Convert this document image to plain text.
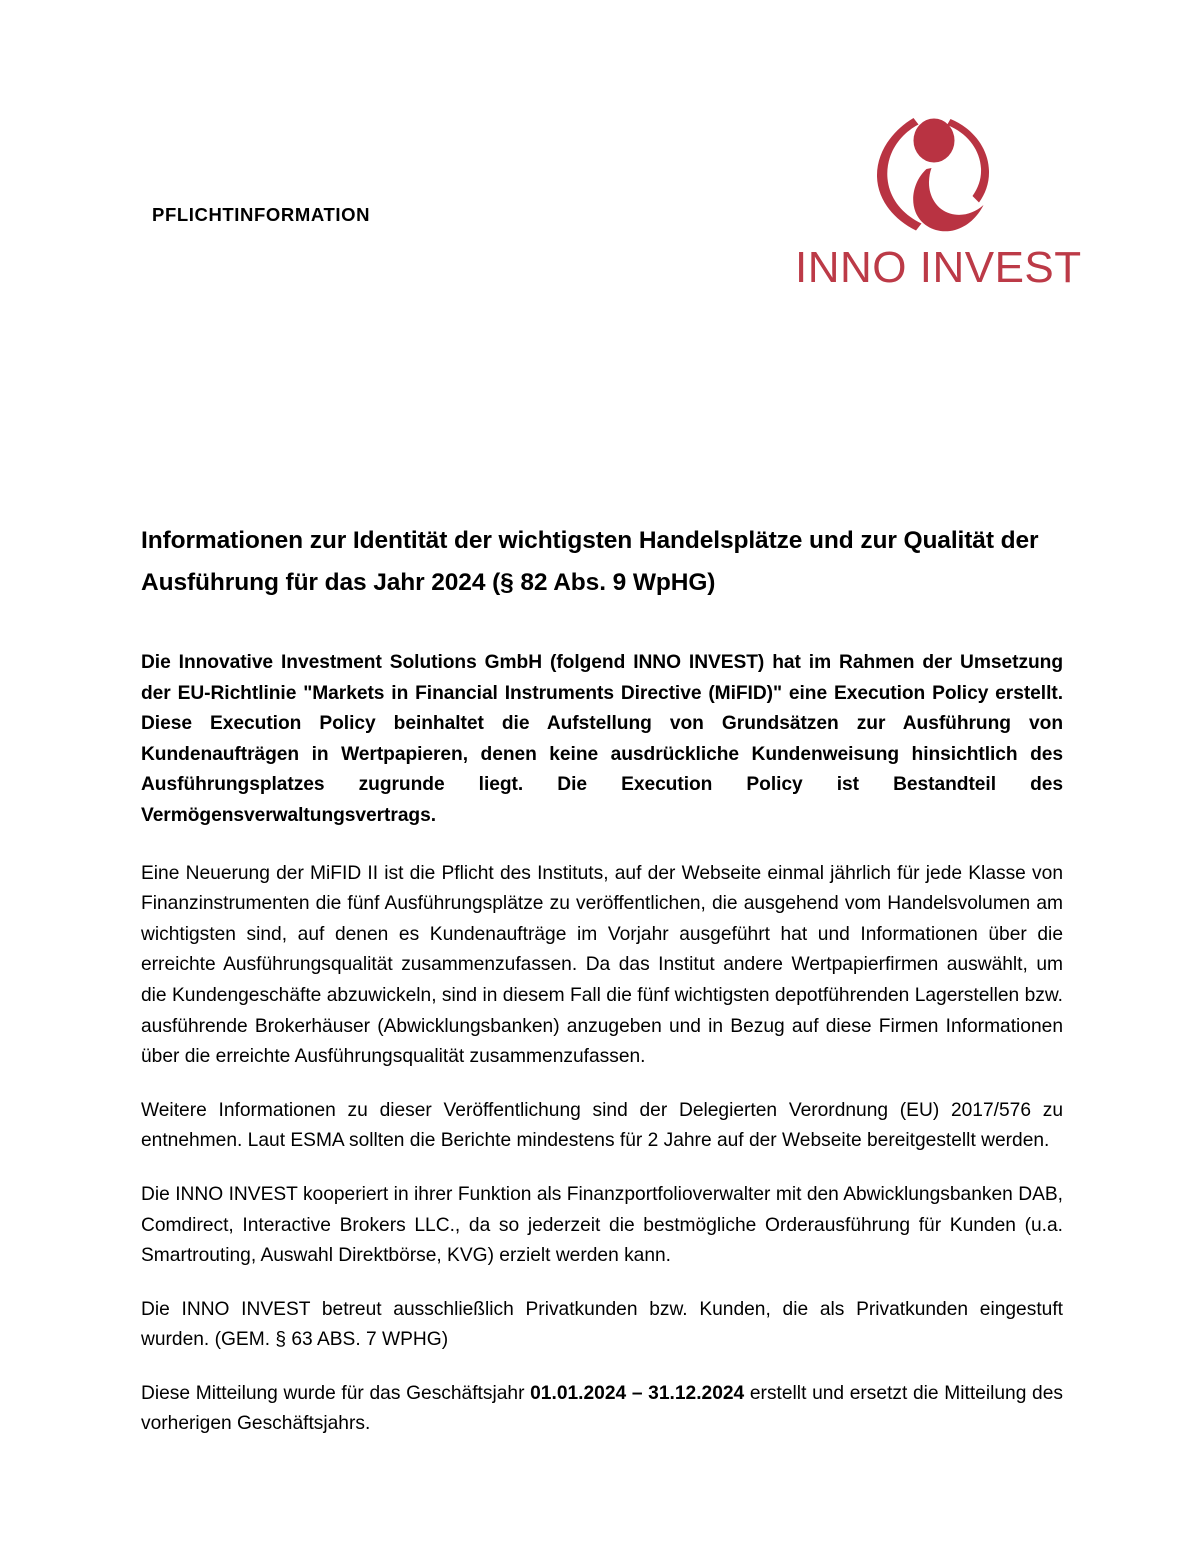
PFLICHTINFORMATION
INNO INVEST
Informationen zur Identität der wichtigsten Handelsplätze und zur Qualität der Ausführung für das Jahr 2024 (§ 82 Abs. 9 WpHG)

Die Innovative Investment Solutions GmbH (folgend INNO INVEST) hat im Rahmen der Umsetzung der EU-Richtlinie "Markets in Financial Instruments Directive (MiFID)" eine Execution Policy erstellt. Diese Execution Policy beinhaltet die Aufstellung von Grundsätzen zur Ausführung von Kundenaufträgen in Wertpapieren, denen keine ausdrückliche Kundenweisung hinsichtlich des Ausführungsplatzes zugrunde liegt. Die Execution Policy ist Bestandteil des Vermögensverwaltungsvertrags.

Eine Neuerung der MiFID II ist die Pflicht des Instituts, auf der Webseite einmal jährlich für jede Klasse von Finanzinstrumenten die fünf Ausführungsplätze zu veröffentlichen, die ausgehend vom Handelsvolumen am wichtigsten sind, auf denen es Kundenaufträge im Vorjahr ausgeführt hat und Informationen über die erreichte Ausführungsqualität zusammenzufassen. Da das Institut andere Wertpapierfirmen auswählt, um die Kundengeschäfte abzuwickeln, sind in diesem Fall die fünf wichtigsten depotführenden Lagerstellen bzw. ausführende Brokerhäuser (Abwicklungsbanken) anzugeben und in Bezug auf diese Firmen Informationen über die erreichte Ausführungsqualität zusammenzufassen.

Weitere Informationen zu dieser Veröffentlichung sind der Delegierten Verordnung (EU) 2017/576 zu entnehmen. Laut ESMA sollten die Berichte mindestens für 2 Jahre auf der Webseite bereitgestellt werden.

Die INNO INVEST kooperiert in ihrer Funktion als Finanzportfolioverwalter mit den Abwicklungsbanken DAB, Comdirect, Interactive Brokers LLC., da so jederzeit die bestmögliche Orderausführung für Kunden (u.a. Smartrouting, Auswahl Direktbörse, KVG) erzielt werden kann.

Die INNO INVEST betreut ausschließlich Privatkunden bzw. Kunden, die als Privatkunden eingestuft wurden. (GEM. § 63 ABS. 7 WPHG)

Diese Mitteilung wurde für das Geschäftsjahr 01.01.2024 – 31.12.2024 erstellt und ersetzt die Mitteilung des vorherigen Geschäftsjahrs.
